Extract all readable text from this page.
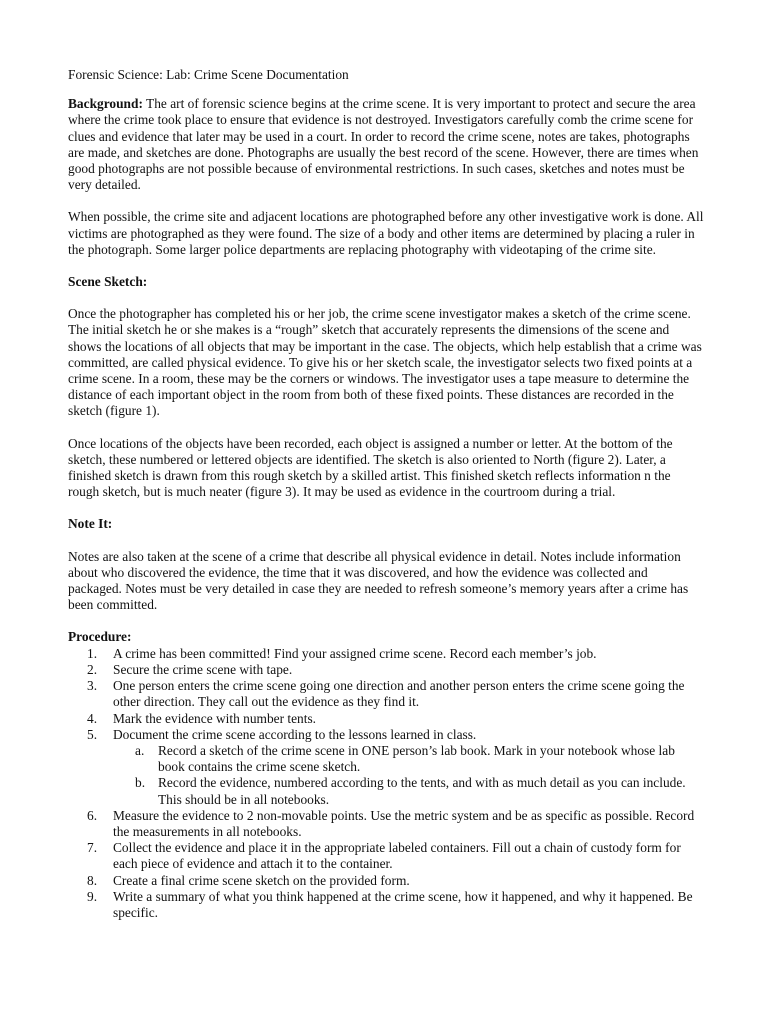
Forensic Science: Lab: Crime Scene Documentation
Background: The art of forensic science begins at the crime scene. It is very important to protect and secure the area where the crime took place to ensure that evidence is not destroyed. Investigators carefully comb the crime scene for clues and evidence that later may be used in a court. In order to record the crime scene, notes are takes, photographs are made, and sketches are done. Photographs are usually the best record of the scene. However, there are times when good photographs are not possible because of environmental restrictions. In such cases, sketches and notes must be very detailed.
When possible, the crime site and adjacent locations are photographed before any other investigative work is done. All victims are photographed as they were found. The size of a body and other items are determined by placing a ruler in the photograph. Some larger police departments are replacing photography with videotaping of the crime site.
Scene Sketch:
Once the photographer has completed his or her job, the crime scene investigator makes a sketch of the crime scene. The initial sketch he or she makes is a “rough” sketch that accurately represents the dimensions of the scene and shows the locations of all objects that may be important in the case. The objects, which help establish that a crime was committed, are called physical evidence. To give his or her sketch scale, the investigator selects two fixed points at a crime scene. In a room, these may be the corners or windows. The investigator uses a tape measure to determine the distance of each important object in the room from both of these fixed points. These distances are recorded in the sketch (figure 1).
Once locations of the objects have been recorded, each object is assigned a number or letter. At the bottom of the sketch, these numbered or lettered objects are identified. The sketch is also oriented to North (figure 2). Later, a finished sketch is drawn from this rough sketch by a skilled artist. This finished sketch reflects information n the rough sketch, but is much neater (figure 3). It may be used as evidence in the courtroom during a trial.
Note It:
Notes are also taken at the scene of a crime that describe all physical evidence in detail. Notes include information about who discovered the evidence, the time that it was discovered, and how the evidence was collected and packaged. Notes must be very detailed in case they are needed to refresh someone’s memory years after a crime has been committed.
Procedure:
1. A crime has been committed! Find your assigned crime scene. Record each member’s job.
2. Secure the crime scene with tape.
3. One person enters the crime scene going one direction and another person enters the crime scene going the other direction. They call out the evidence as they find it.
4. Mark the evidence with number tents.
5. Document the crime scene according to the lessons learned in class.
a. Record a sketch of the crime scene in ONE person’s lab book. Mark in your notebook whose lab book contains the crime scene sketch.
b. Record the evidence, numbered according to the tents, and with as much detail as you can include. This should be in all notebooks.
6. Measure the evidence to 2 non-movable points. Use the metric system and be as specific as possible. Record the measurements in all notebooks.
7. Collect the evidence and place it in the appropriate labeled containers. Fill out a chain of custody form for each piece of evidence and attach it to the container.
8. Create a final crime scene sketch on the provided form.
9. Write a summary of what you think happened at the crime scene, how it happened, and why it happened. Be specific.
